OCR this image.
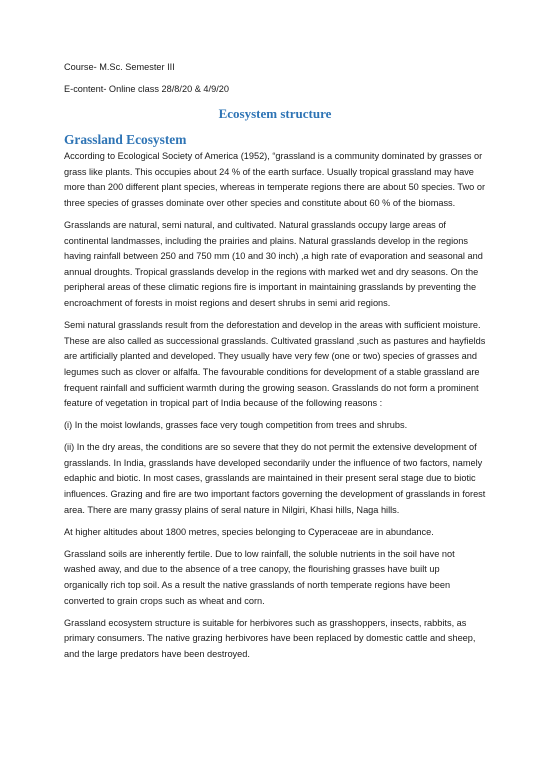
Course- M.Sc. Semester III

E-content- Online class 28/8/20 & 4/9/20

Ecosystem structure
Grassland Ecosystem

According to Ecological Society of America (1952), “grassland is a community dominated by grasses or grass like plants. This occupies about 24 % of the earth surface. Usually tropical grassland may have more than 200 different plant species, whereas in temperate regions there are about 50 species. Two or three species of grasses dominate over other species and constitute about 60 % of the biomass.

Grasslands are natural, semi natural, and cultivated. Natural grasslands occupy large areas of continental landmasses, including the prairies and plains. Natural grasslands develop in the regions having rainfall between 250 and 750 mm (10 and 30 inch) ,a high rate of evaporation and seasonal and annual droughts. Tropical grasslands develop in the regions with marked wet and dry seasons. On the peripheral areas of these climatic regions fire is important in maintaining grasslands by preventing the encroachment of forests in moist regions and desert shrubs in semi arid regions.

Semi natural grasslands result from the deforestation and develop in the areas with sufficient moisture. These are also called as successional grasslands. Cultivated grassland ,such as pastures and hayfields are artificially planted and developed. They usually have very few (one or two) species of grasses and legumes such as clover or alfalfa. The favourable conditions for development of a stable grassland are frequent rainfall and sufficient warmth during the growing season. Grasslands do not form a prominent feature of vegetation in tropical part of India because of the following reasons :

(i) In the moist lowlands, grasses face very tough competition from trees and shrubs.

(ii) In the dry areas, the conditions are so severe that they do not permit the extensive development of grasslands. In India, grasslands have developed secondarily under the influence of two factors, namely edaphic and biotic. In most cases, grasslands are maintained in their present seral stage due to biotic influences. Grazing and fire are two important factors governing the development of grasslands in forest area. There are many grassy plains of seral nature in Nilgiri, Khasi hills, Naga hills.

At higher altitudes about 1800 metres, species belonging to Cyperaceae are in abundance.

Grassland soils are inherently fertile. Due to low rainfall, the soluble nutrients in the soil have not washed away, and due to the absence of a tree canopy, the flourishing grasses have built up organically rich top soil. As a result the native grasslands of north temperate regions have been converted to grain crops such as wheat and corn.

Grassland ecosystem structure is suitable for herbivores such as grasshoppers, insects, rabbits, as primary consumers. The native grazing herbivores have been replaced by domestic cattle and sheep, and the large predators have been destroyed.
